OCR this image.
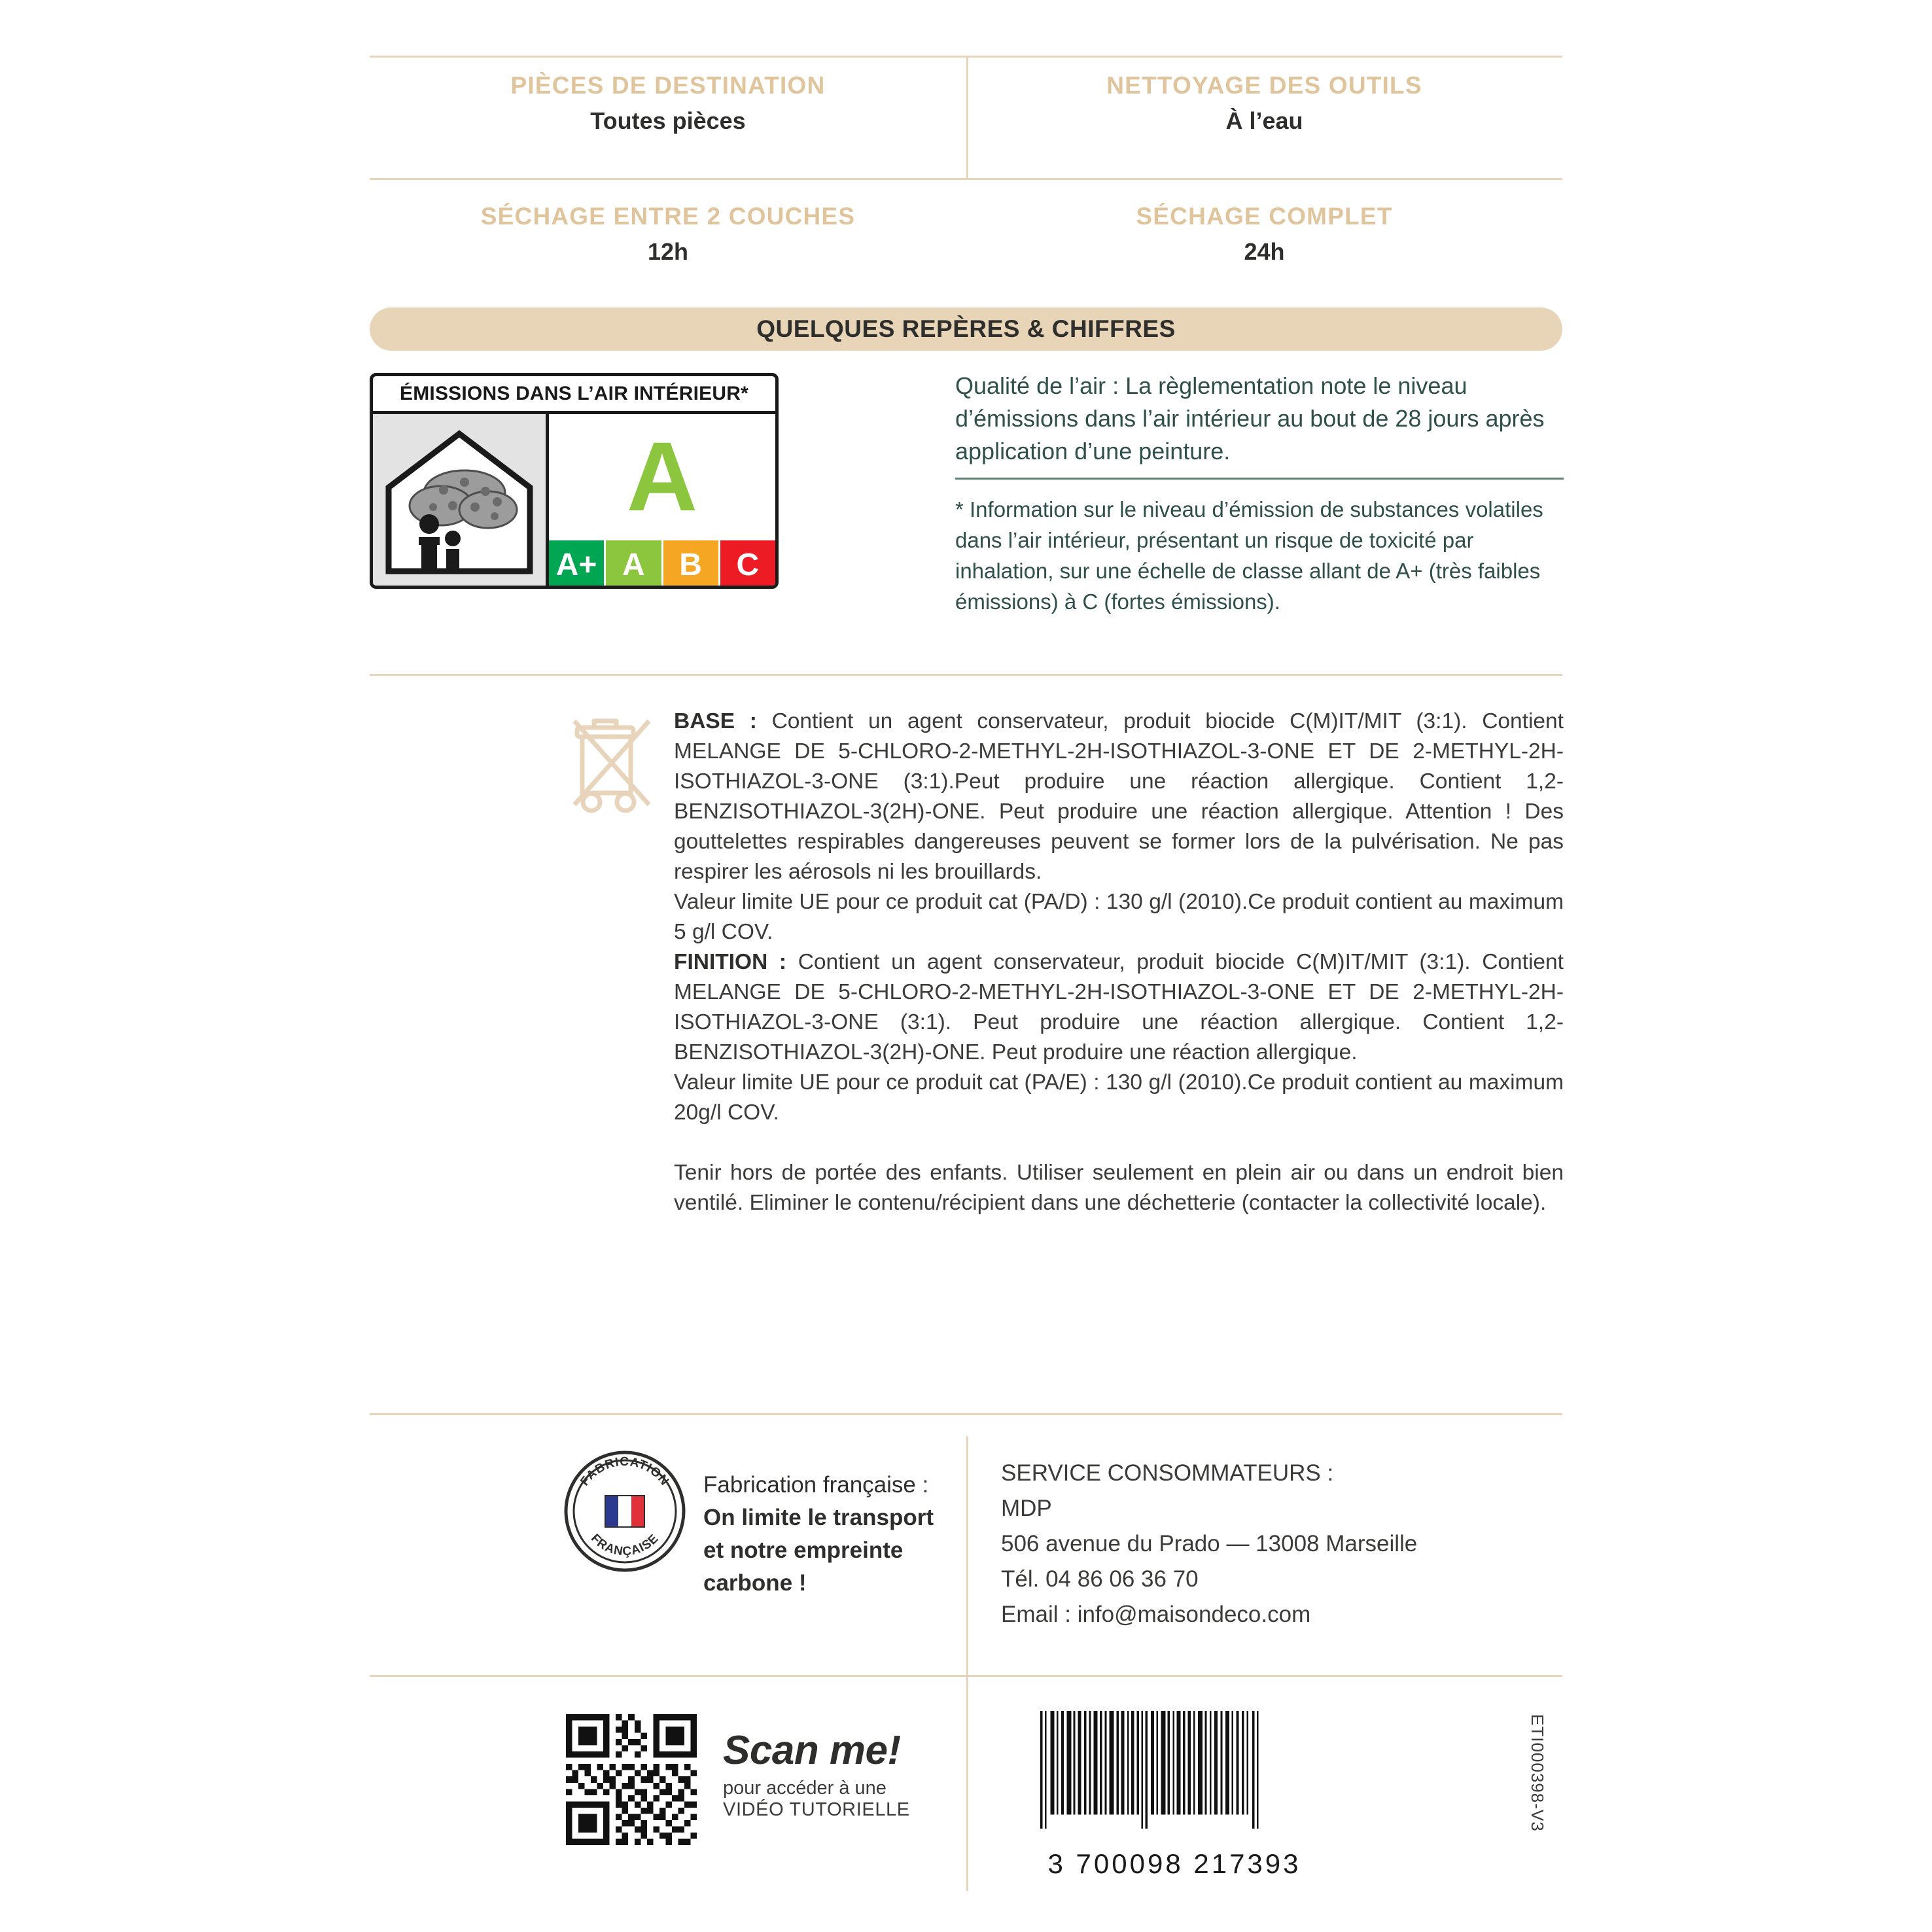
PIÈCES DE DESTINATION
Toutes pièces
NETTOYAGE DES OUTILS
À l’eau
SÉCHAGE ENTRE 2 COUCHES
12h
SÉCHAGE COMPLET
24h
QUELQUES REPÈRES & CHIFFRES
ÉMISSIONS DANS L’AIR INTÉRIEUR*
A
A+ A	B	C
Qualité de l’air : La règlementation note le niveau d’émissions dans l’air intérieur au bout de 28 jours après application d’une peinture.
* Information sur le niveau d’émission de substances volatiles dans l’air intérieur, présentant un risque de toxicité par inhalation, sur une échelle de classe allant de A+ (très faibles émissions) à C (fortes émissions).

BASE : Contient un agent conservateur, produit biocide C(M)IT/MIT (3:1). Contient MELANGE DE 5-CHLORO-2-METHYL-2H-ISOTHIAZOL-3-ONE ET DE 2-METHYL-2H-ISOTHIAZOL-3-ONE (3:1).Peut produire une réaction allergique. Contient 1,2-BENZISOTHIAZOL-3(2H)-ONE. Peut produire une réaction allergique. Attention ! Des gouttelettes respirables dangereuses peuvent se former lors de la pulvérisation. Ne pas respirer les aérosols ni les brouillards.

Valeur limite UE pour ce produit cat (PA/D) : 130 g/l (2010).Ce produit contient au maximum 5 g/l COV.

FINITION : Contient un agent conservateur, produit biocide C(M)IT/MIT (3:1). Contient MELANGE DE 5-CHLORO-2-METHYL-2H-ISOTHIAZOL-3-ONE ET DE 2-METHYL-2H-ISOTHIAZOL-3-ONE (3:1). Peut produire une réaction allergique. Contient 1,2-BENZISOTHIAZOL-3(2H)-ONE. Peut produire une réaction allergique.

Valeur limite UE pour ce produit cat (PA/E) : 130 g/l (2010).Ce produit contient au maximum 20g/l COV.

Tenir hors de portée des enfants. Utiliser seulement en plein air ou dans un endroit bien ventilé. Eliminer le contenu/récipient dans une déchetterie (contacter la collectivité locale).

FABRICATION
FRANÇAISE
Fabrication française :
On limite le transport
et notre empreinte carbone !
SERVICE CONSOMMATEURS :
MDP
506 avenue du Prado — 13008 Marseille
Tél. 04 86 06 36 70
Email : info@maisondeco.com
Scan me!
pour accéder à une
VIDÉO TUTORIELLE
3 700098 217393
ETI000398-V3
